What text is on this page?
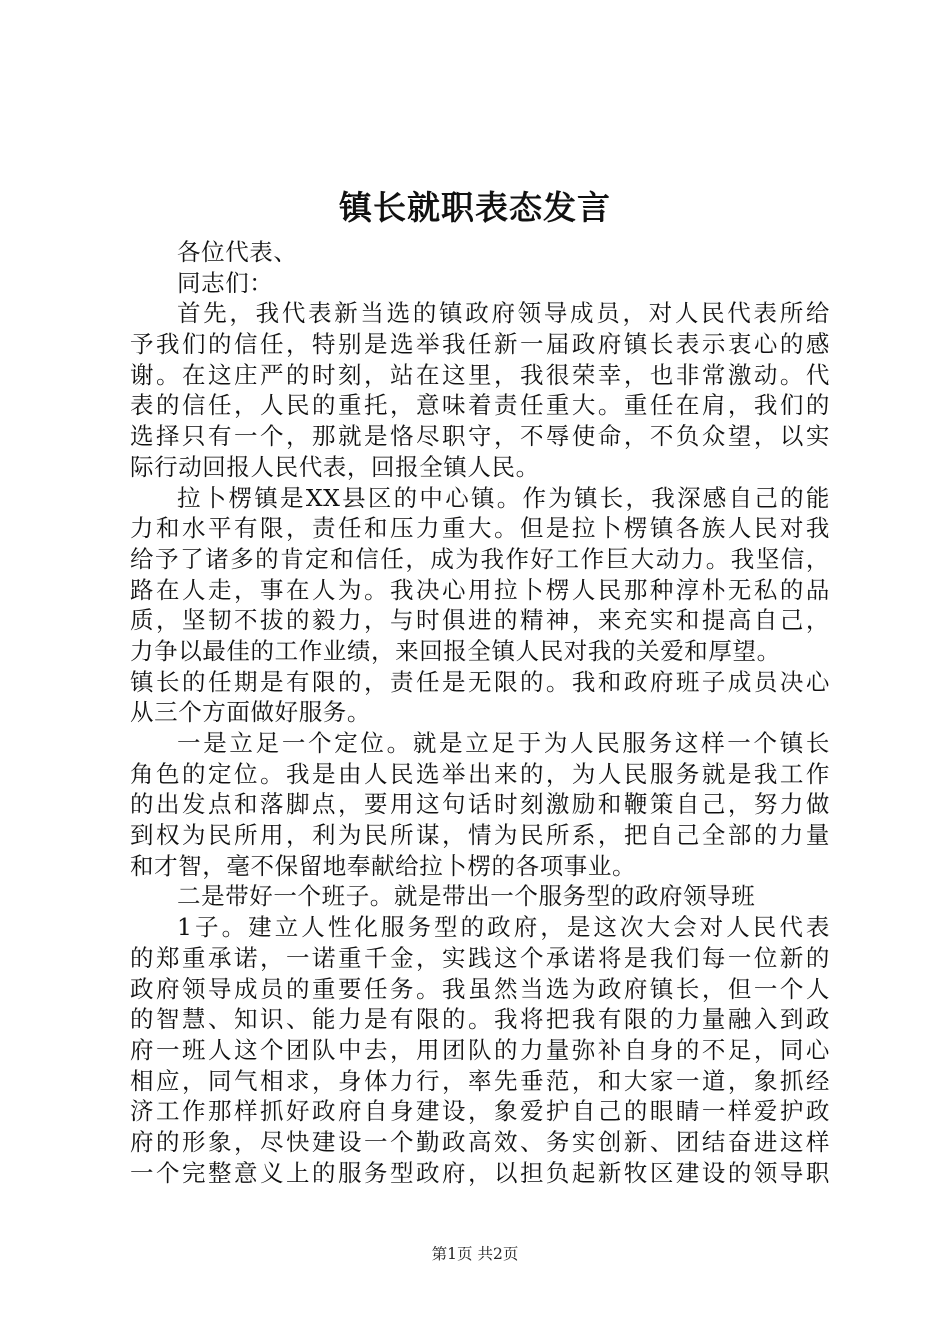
镇长就职表态发言
各位代表、
同志们：
首先，我代表新当选的镇政府领导成员，对人民代表所给
予我们的信任，特别是选举我任新一届政府镇长表示衷心的感
谢。在这庄严的时刻，站在这里，我很荣幸，也非常激动。代
表的信任，人民的重托，意味着责任重大。重任在肩，我们的
选择只有一个，那就是恪尽职守，不辱使命，不负众望，以实
际行动回报人民代表，回报全镇人民。
拉卜楞镇是XX县区的中心镇。作为镇长，我深感自己的能
力和水平有限，责任和压力重大。但是拉卜楞镇各族人民对我
给予了诸多的肯定和信任，成为我作好工作巨大动力。我坚信，
路在人走，事在人为。我决心用拉卜楞人民那种淳朴无私的品
质，坚韧不拔的毅力，与时俱进的精神，来充实和提高自己，
力争以最佳的工作业绩，来回报全镇人民对我的关爱和厚望。
镇长的任期是有限的，责任是无限的。我和政府班子成员决心
从三个方面做好服务。
一是立足一个定位。就是立足于为人民服务这样一个镇长
角色的定位。我是由人民选举出来的，为人民服务就是我工作
的出发点和落脚点，要用这句话时刻激励和鞭策自己，努力做
到权为民所用，利为民所谋，情为民所系，把自己全部的力量
和才智，毫不保留地奉献给拉卜楞的各项事业。
二是带好一个班子。就是带出一个服务型的政府领导班
1子。建立人性化服务型的政府，是这次大会对人民代表
的郑重承诺，一诺重千金，实践这个承诺将是我们每一位新的
政府领导成员的重要任务。我虽然当选为政府镇长，但一个人
的智慧、知识、能力是有限的。我将把我有限的力量融入到政
府一班人这个团队中去，用团队的力量弥补自身的不足，同心
相应，同气相求，身体力行，率先垂范，和大家一道，象抓经
济工作那样抓好政府自身建设，象爱护自己的眼睛一样爱护政
府的形象，尽快建设一个勤政高效、务实创新、团结奋进这样
一个完整意义上的服务型政府，以担负起新牧区建设的领导职
第1页 共2页
